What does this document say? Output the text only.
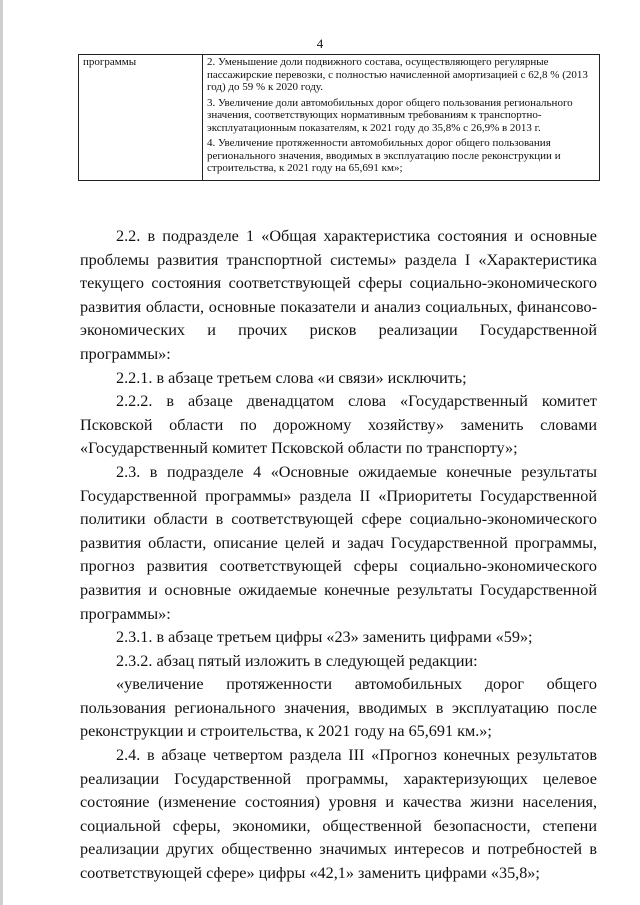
4
программы	2. Уменьшение доли подвижного состава, осуществляющего регулярные пассажирские перевозки, с полностью начисленной амортизацией с 62,8 % (2013 год) до 59 % к 2020 году.

3. Увеличение доли автомобильных дорог общего пользования регионального значения, соответствующих нормативным требованиям к транспортно-эксплуатационным показателям, к 2021 году до 35,8% с 26,9% в 2013 г.

4. Увеличение протяженности автомобильных дорог общего пользования регионального значения, вводимых в эксплуатацию после реконструкции и строительства, к 2021 году на 65,691 км»;

2.2. в подразделе 1 «Общая характеристика состояния и основные проблемы развития транспортной системы» раздела I «Характеристика текущего состояния соответствующей сферы социально-экономического развития области, основные показатели и анализ социальных, финансово-экономических и прочих рисков реализации Государственной программы»:

2.2.1. в абзаце третьем слова «и связи» исключить;

2.2.2. в абзаце двенадцатом слова «Государственный комитет Псковской области по дорожному хозяйству» заменить словами «Государственный комитет Псковской области по транспорту»;

2.3. в подразделе 4 «Основные ожидаемые конечные результаты Государственной программы» раздела II «Приоритеты Государственной политики области в соответствующей сфере социально-экономического развития области, описание целей и задач Государственной программы, прогноз развития соответствующей сферы социально-экономического развития и основные ожидаемые конечные результаты Государственной программы»:

2.3.1. в абзаце третьем цифры «23» заменить цифрами «59»;

2.3.2. абзац пятый изложить в следующей редакции:

«увеличение протяженности автомобильных дорог общего пользования регионального значения, вводимых в эксплуатацию после реконструкции и строительства, к 2021 году на 65,691 км.»;

2.4. в абзаце четвертом раздела III «Прогноз конечных результатов реализации Государственной программы, характеризующих целевое состояние (изменение состояния) уровня и качества жизни населения, социальной сферы, экономики, общественной безопасности, степени реализации других общественно значимых интересов и потребностей в соответствующей сфере» цифры «42,1» заменить цифрами «35,8»;
